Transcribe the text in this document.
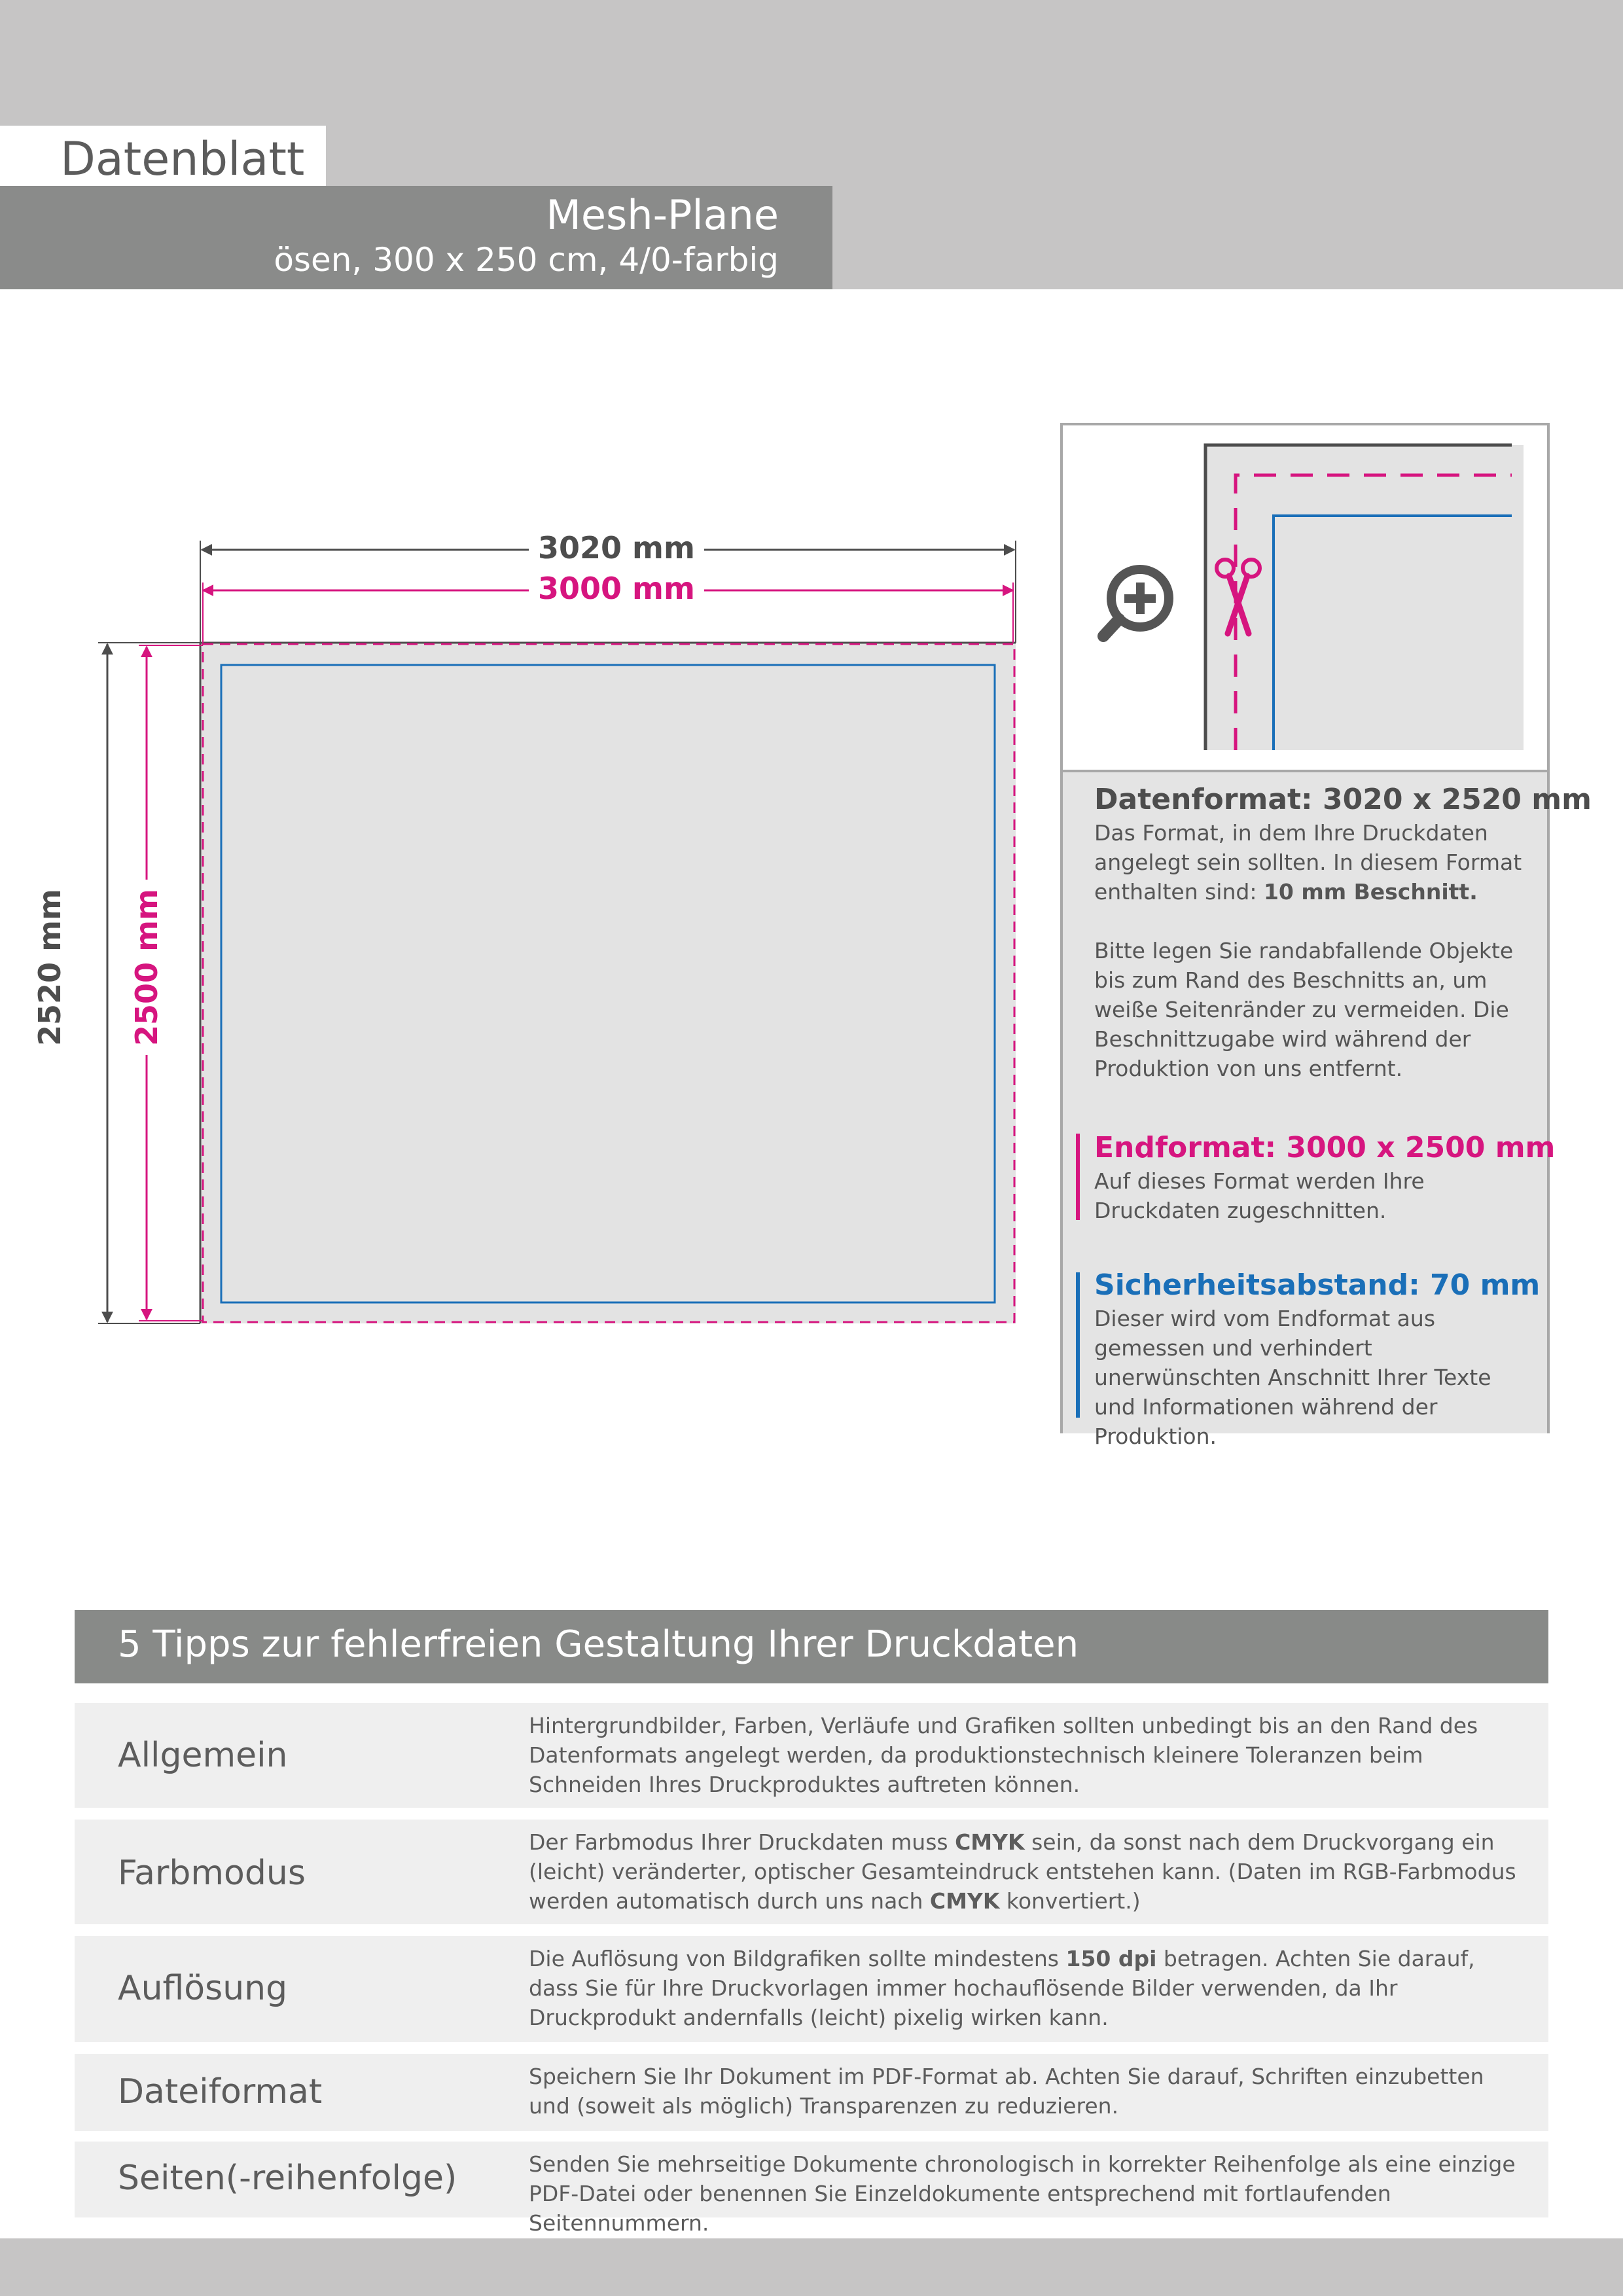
Datenblatt
Mesh-Plane
ösen, 300 x 250 cm, 4/0-farbig
3020 mm
3000 mm
2520 mm 2500 mm
Datenformat: 3020 x 2520 mm

Das Format, in dem Ihre Druckdaten angelegt sein sollten. In diesem Format enthalten sind: 10 mm Beschnitt.

Bitte legen Sie randabfallende Objekte bis zum Rand des Beschnitts an, um weiße Seitenränder zu vermeiden. Die Beschnittzugabe wird während der Produktion von uns entfernt.

Endformat: 3000 x 2500 mm

Auf dieses Format werden Ihre Druckdaten zugeschnitten.

Sicherheitsabstand: 70 mm

Dieser wird vom Endformat aus gemessen und verhindert unerwünschten Anschnitt Ihrer Texte und Informationen während der Produktion.

5 Tipps zur fehlerfreien Gestaltung Ihrer Druckdaten
Allgemein
Hintergrundbilder, Farben, Verläufe und Grafiken sollten unbedingt bis an den Rand des Datenformats angelegt werden, da produktionstechnisch kleinere Toleranzen beim Schneiden Ihres Druckproduktes auftreten können.
Farbmodus
Der Farbmodus Ihrer Druckdaten muss CMYK sein, da sonst nach dem Druckvorgang ein (leicht) veränderter, optischer Gesamteindruck entstehen kann. (Daten im RGB-Farbmodus werden automatisch durch uns nach CMYK konvertiert.)
Auflösung
Die Auflösung von Bildgrafiken sollte mindestens 150 dpi betragen. Achten Sie darauf, dass Sie für Ihre Druckvorlagen immer hochauflösende Bilder verwenden, da Ihr Druckprodukt andernfalls (leicht) pixelig wirken kann.
Dateiformat	Speichern Sie Ihr Dokument im PDF-Format ab. Achten Sie darauf, Schriften einzubetten und (soweit als möglich) Transparenzen zu reduzieren.
Seiten(-reihenfolge)	Senden Sie mehrseitige Dokumente chronologisch in korrekter Reihenfolge als eine einzige PDF-Datei oder benennen Sie Einzeldokumente entsprechend mit fortlaufenden Seitennummern.
